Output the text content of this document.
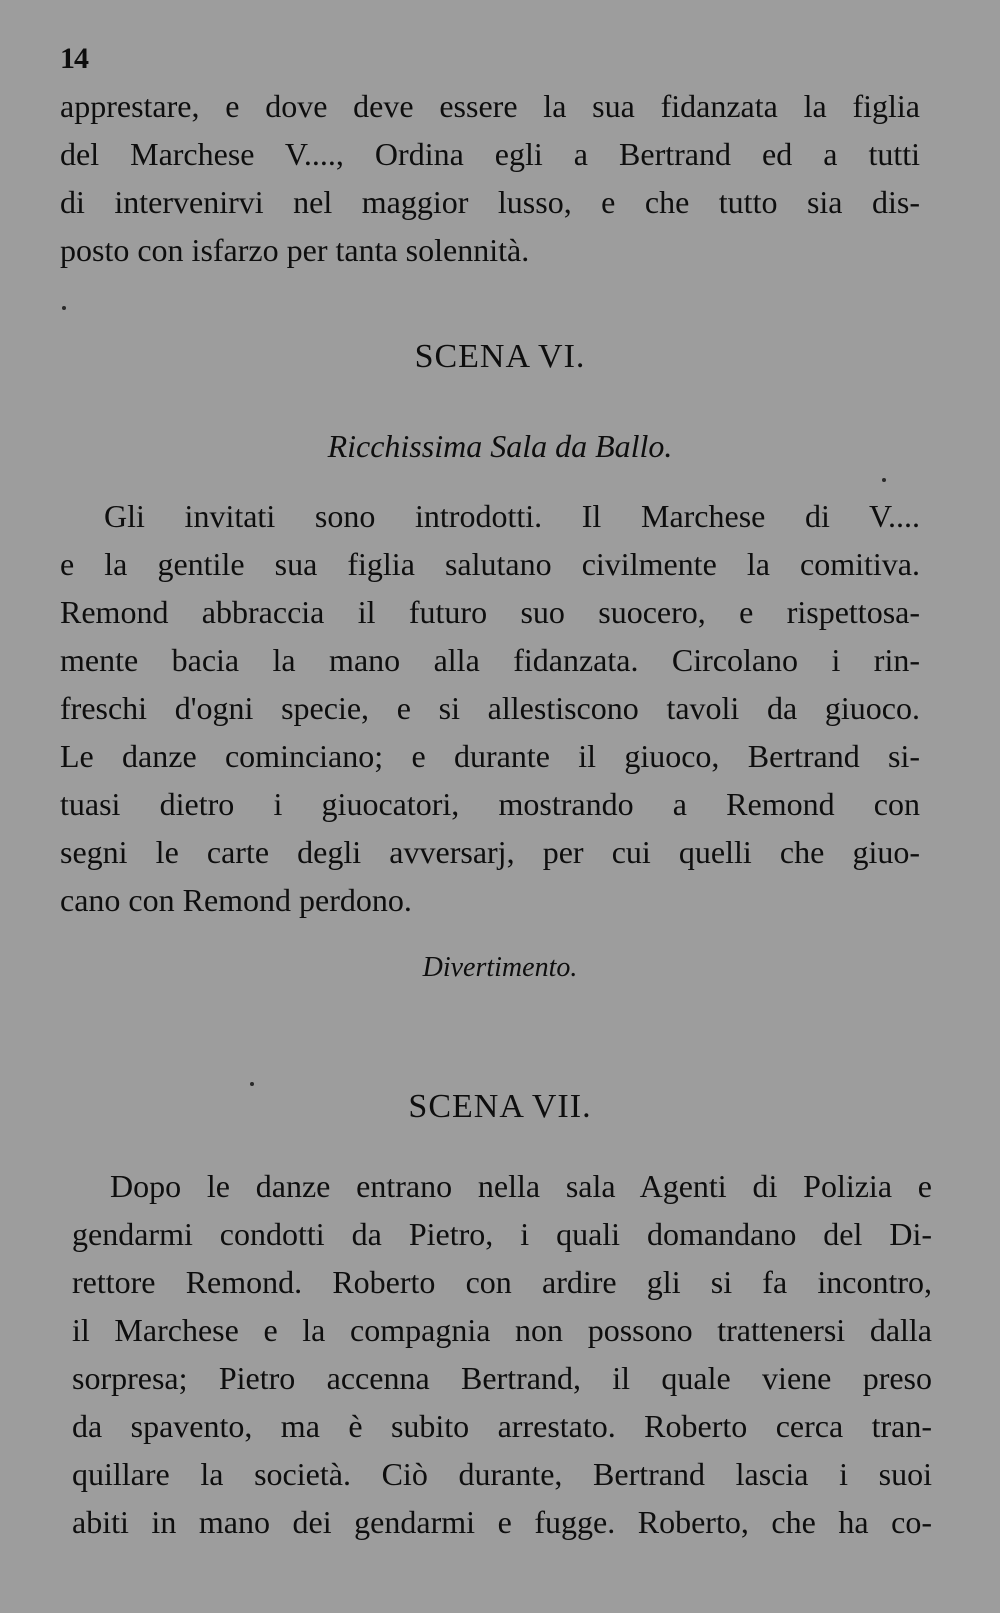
14
apprestare, e dove deve essere la sua fidanzata la figlia
del Marchese V...., Ordina egli a Bertrand ed a tutti
di intervenirvi nel maggior lusso, e che tutto sia dis-
posto con isfarzo per tanta solennità.
SCENA VI.
Ricchissima Sala da Ballo.
Gli invitati sono introdotti. Il Marchese di V....
e la gentile sua figlia salutano civilmente la comitiva.
Remond abbraccia il futuro suo suocero, e rispettosa-
mente bacia la mano alla fidanzata. Circolano i rin-
freschi d'ogni specie, e si allestiscono tavoli da giuoco.
Le danze cominciano; e durante il giuoco, Bertrand si-
tuasi dietro i giuocatori, mostrando a Remond con
segni le carte degli avversarj, per cui quelli che giuo-
cano con Remond perdono.
Divertimento.
SCENA VII.
Dopo le danze entrano nella sala Agenti di Polizia e
gendarmi condotti da Pietro, i quali domandano del Di-
rettore Remond. Roberto con ardire gli si fa incontro,
il Marchese e la compagnia non possono trattenersi dalla
sorpresa; Pietro accenna Bertrand, il quale viene preso
da spavento, ma è subito arrestato. Roberto cerca tran-
quillare la società. Ciò durante, Bertrand lascia i suoi
abiti in mano dei gendarmi e fugge. Roberto, che ha co-
